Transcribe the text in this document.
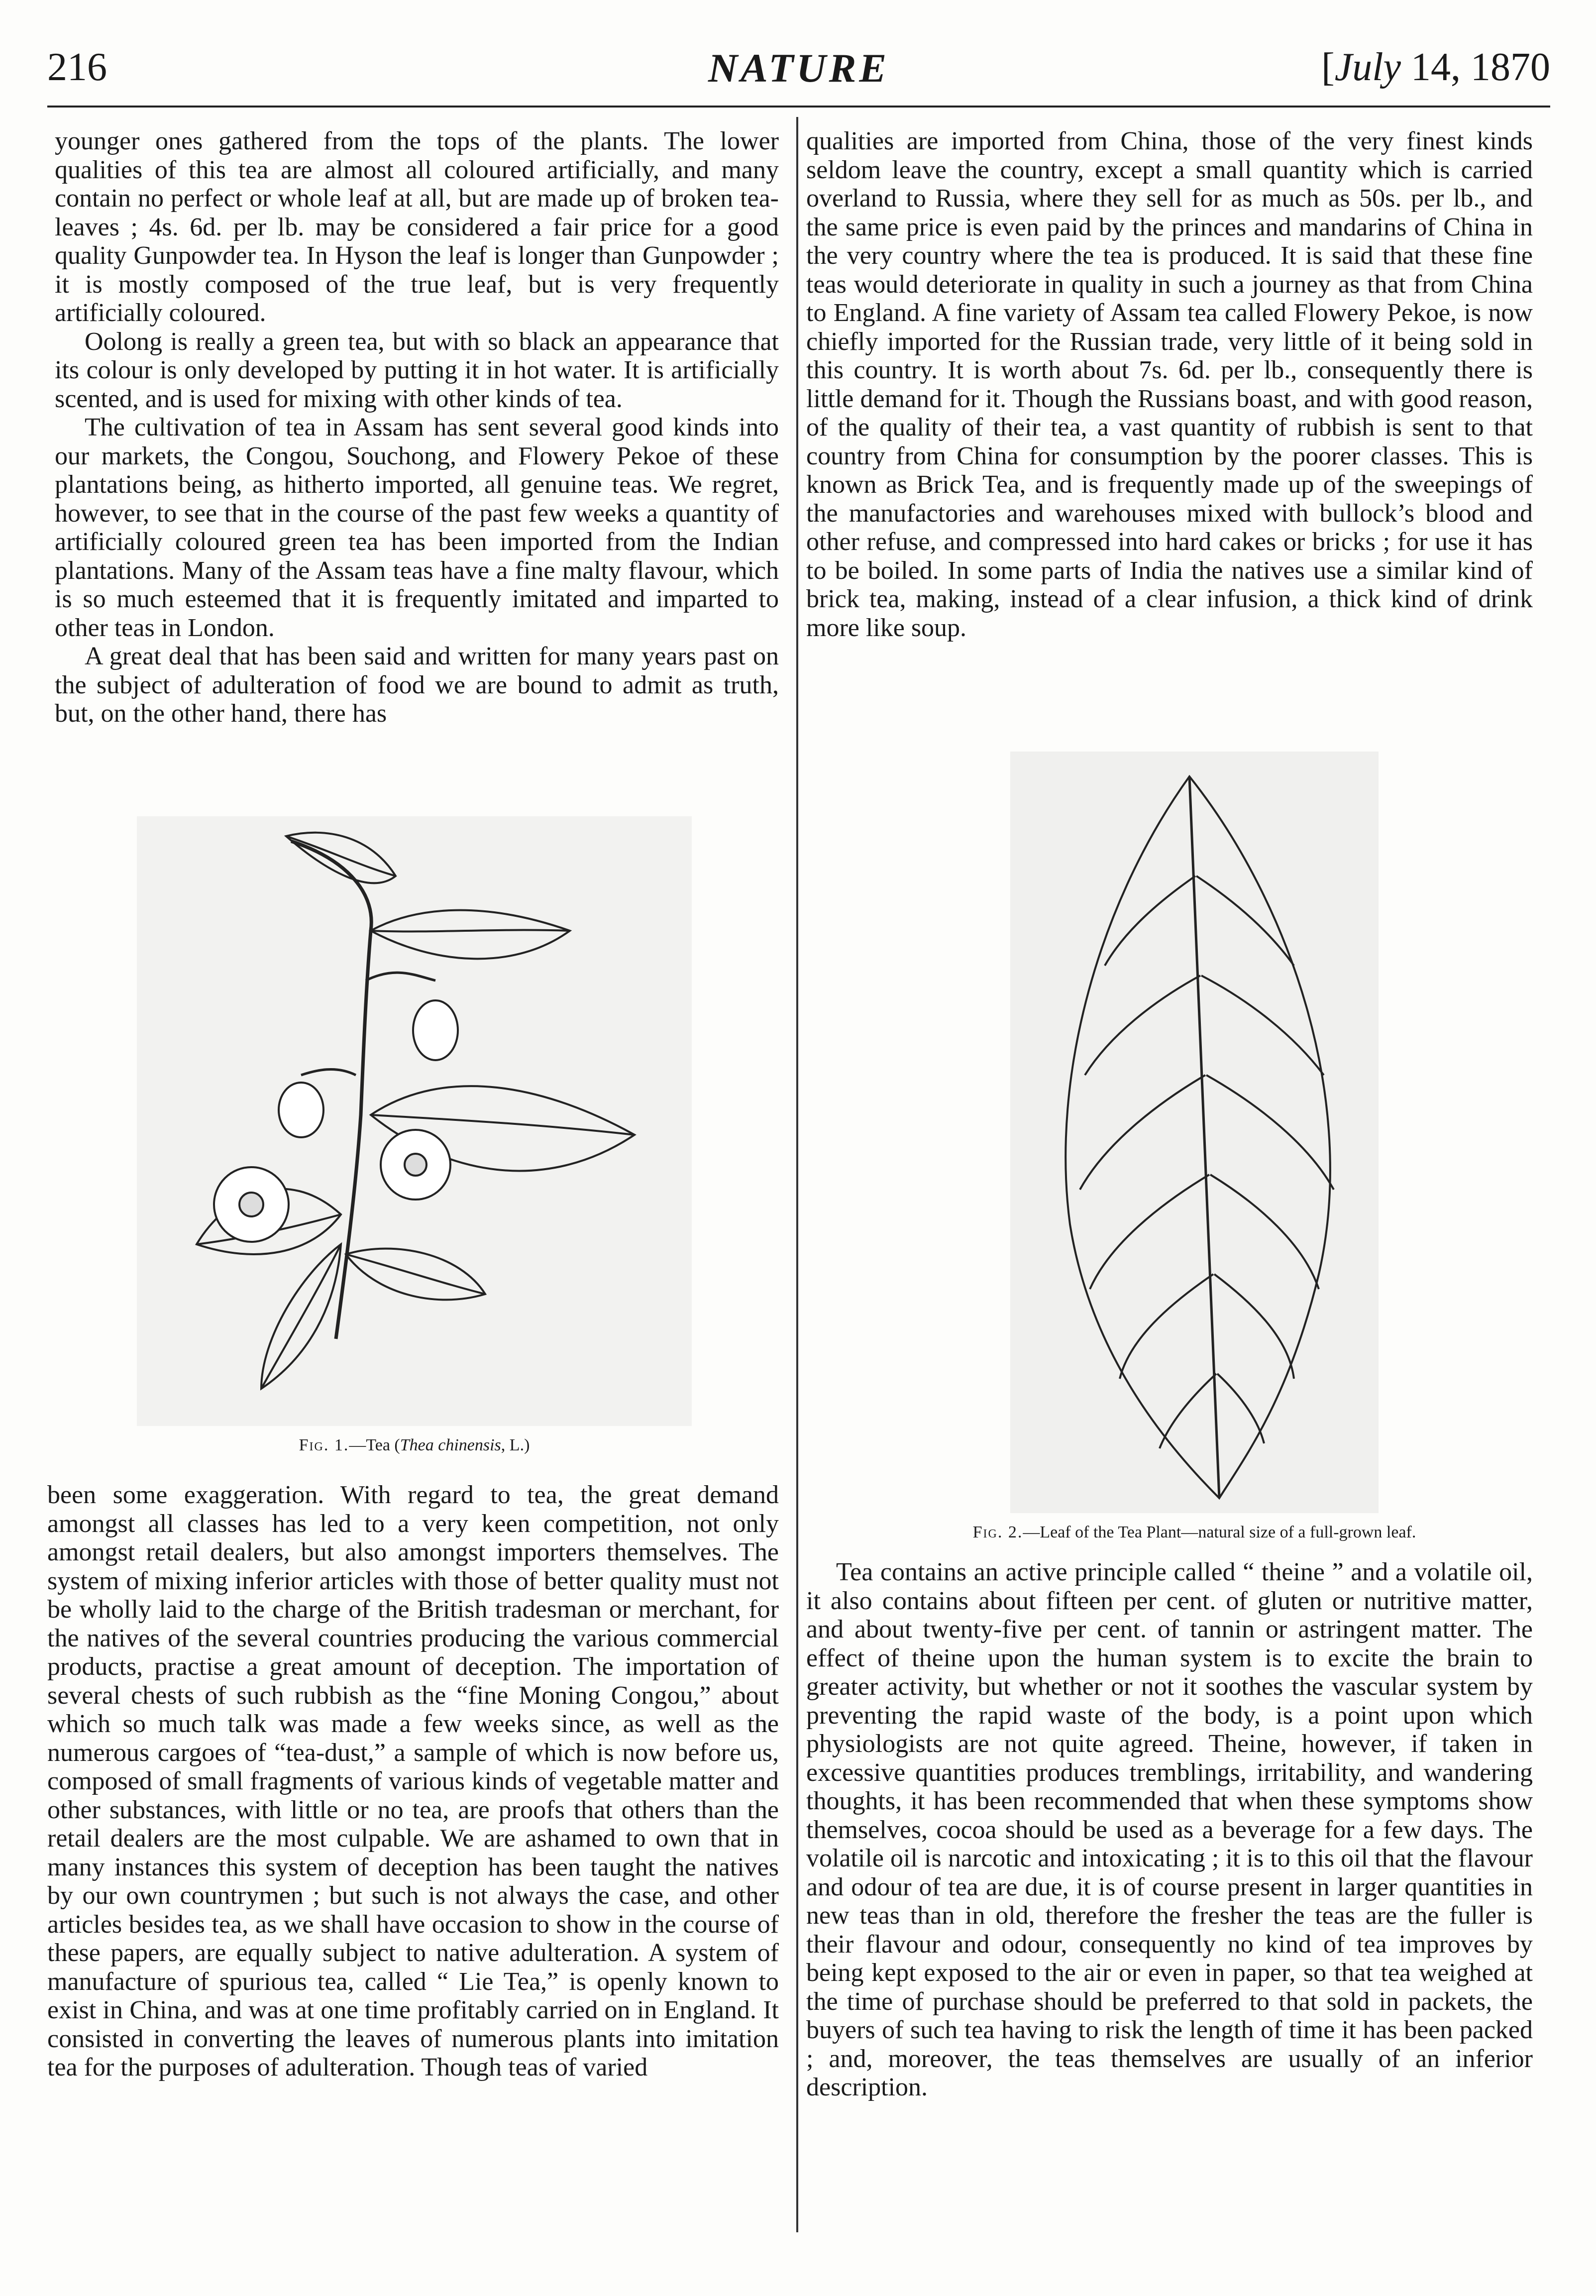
216	NATURE	[July 14, 1870

younger ones gathered from the tops of the plants. The lower qualities of this tea are almost all coloured artificially, and many contain no perfect or whole leaf at all, but are made up of broken tea-leaves ; 4s. 6d. per lb. may be considered a fair price for a good quality Gunpowder tea. In Hyson the leaf is longer than Gunpowder ; it is mostly composed of the true leaf, but is very frequently artificially coloured.

Oolong is really a green tea, but with so black an appearance that its colour is only developed by putting it in hot water. It is artificially scented, and is used for mixing with other kinds of tea.

The cultivation of tea in Assam has sent several good kinds into our markets, the Congou, Souchong, and Flowery Pekoe of these plantations being, as hitherto imported, all genuine teas. We regret, however, to see that in the course of the past few weeks a quantity of artificially coloured green tea has been imported from the Indian plantations. Many of the Assam teas have a fine malty flavour, which is so much esteemed that it is frequently imitated and imparted to other teas in London.

A great deal that has been said and written for many years past on the subject of adulteration of food we are bound to admit as truth, but, on the other hand, there has

Fig. 1.—Tea (Thea chinensis, L.)

been some exaggeration. With regard to tea, the great demand amongst all classes has led to a very keen competition, not only amongst retail dealers, but also amongst importers themselves. The system of mixing inferior articles with those of better quality must not be wholly laid to the charge of the British tradesman or merchant, for the natives of the several countries producing the various commercial products, practise a great amount of deception. The importation of several chests of such rubbish as the “fine Moning Congou,” about which so much talk was made a few weeks since, as well as the numerous cargoes of “tea-dust,” a sample of which is now before us, composed of small fragments of various kinds of vegetable matter and other substances, with little or no tea, are proofs that others than the retail dealers are the most culpable. We are ashamed to own that in many instances this system of deception has been taught the natives by our own countrymen ; but such is not always the case, and other articles besides tea, as we shall have occasion to show in the course of these papers, are equally subject to native adulteration. A system of manufacture of spurious tea, called “ Lie Tea,” is openly known to exist in China, and was at one time profitably carried on in England. It consisted in converting the leaves of numerous plants into imitation tea for the purposes of adulteration. Though teas of varied

qualities are imported from China, those of the very finest kinds seldom leave the country, except a small quantity which is carried overland to Russia, where they sell for as much as 50s. per lb., and the same price is even paid by the princes and mandarins of China in the very country where the tea is produced. It is said that these fine teas would deteriorate in quality in such a journey as that from China to England. A fine variety of Assam tea called Flowery Pekoe, is now chiefly imported for the Russian trade, very little of it being sold in this country. It is worth about 7s. 6d. per lb., consequently there is little demand for it. Though the Russians boast, and with good reason, of the quality of their tea, a vast quantity of rubbish is sent to that country from China for consumption by the poorer classes. This is known as Brick Tea, and is frequently made up of the sweepings of the manufactories and warehouses mixed with bullock’s blood and other refuse, and compressed into hard cakes or bricks ; for use it has to be boiled. In some parts of India the natives use a similar kind of brick tea, making, instead of a clear infusion, a thick kind of drink more like soup.

Fig. 2.—Leaf of the Tea Plant—natural size of a full-grown leaf.

Tea contains an active principle called “ theine ” and a volatile oil, it also contains about fifteen per cent. of gluten or nutritive matter, and about twenty-five per cent. of tannin or astringent matter. The effect of theine upon the human system is to excite the brain to greater activity, but whether or not it soothes the vascular system by preventing the rapid waste of the body, is a point upon which physiologists are not quite agreed. Theine, however, if taken in excessive quantities produces tremblings, irritability, and wandering thoughts, it has been recommended that when these symptoms show themselves, cocoa should be used as a beverage for a few days. The volatile oil is narcotic and intoxicating ; it is to this oil that the flavour and odour of tea are due, it is of course present in larger quantities in new teas than in old, therefore the fresher the teas are the fuller is their flavour and odour, consequently no kind of tea improves by being kept exposed to the air or even in paper, so that tea weighed at the time of purchase should be preferred to that sold in packets, the buyers of such tea having to risk the length of time it has been packed ; and, moreover, the teas themselves are usually of an inferior description.
